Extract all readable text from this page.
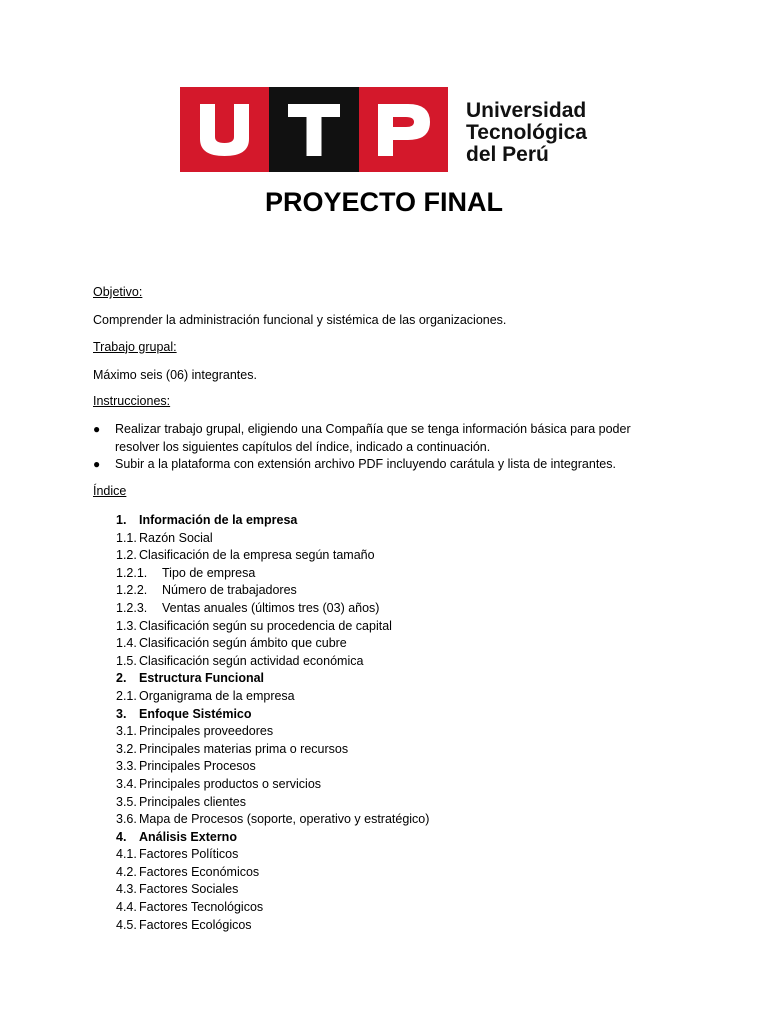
Universidad
Tecnológica
del Perú
PROYECTO FINAL

Objetivo:

Comprender la administración funcional y sistémica de las organizaciones.

Trabajo grupal:

Máximo seis (06) integrantes.

Instrucciones:

● Realizar trabajo grupal, eligiendo una Compañía que se tenga información básica para poder resolver los siguientes capítulos del índice, indicado a continuación.
● Subir a la plataforma con extensión archivo PDF incluyendo carátula y lista de integrantes.

Índice

1. Información de la empresa
1.1. Razón Social
1.2. Clasificación de la empresa según tamaño
1.2.1. Tipo de empresa
1.2.2. Número de trabajadores
1.2.3. Ventas anuales (últimos tres (03) años)
1.3. Clasificación según su procedencia de capital
1.4. Clasificación según ámbito que cubre
1.5. Clasificación según actividad económica
2. Estructura Funcional
2.1. Organigrama de la empresa
3. Enfoque Sistémico
3.1. Principales proveedores
3.2. Principales materias prima o recursos
3.3. Principales Procesos
3.4. Principales productos o servicios
3.5. Principales clientes
3.6. Mapa de Procesos (soporte, operativo y estratégico)
4. Análisis Externo
4.1. Factores Políticos
4.2. Factores Económicos
4.3. Factores Sociales
4.4. Factores Tecnológicos
4.5. Factores Ecológicos
